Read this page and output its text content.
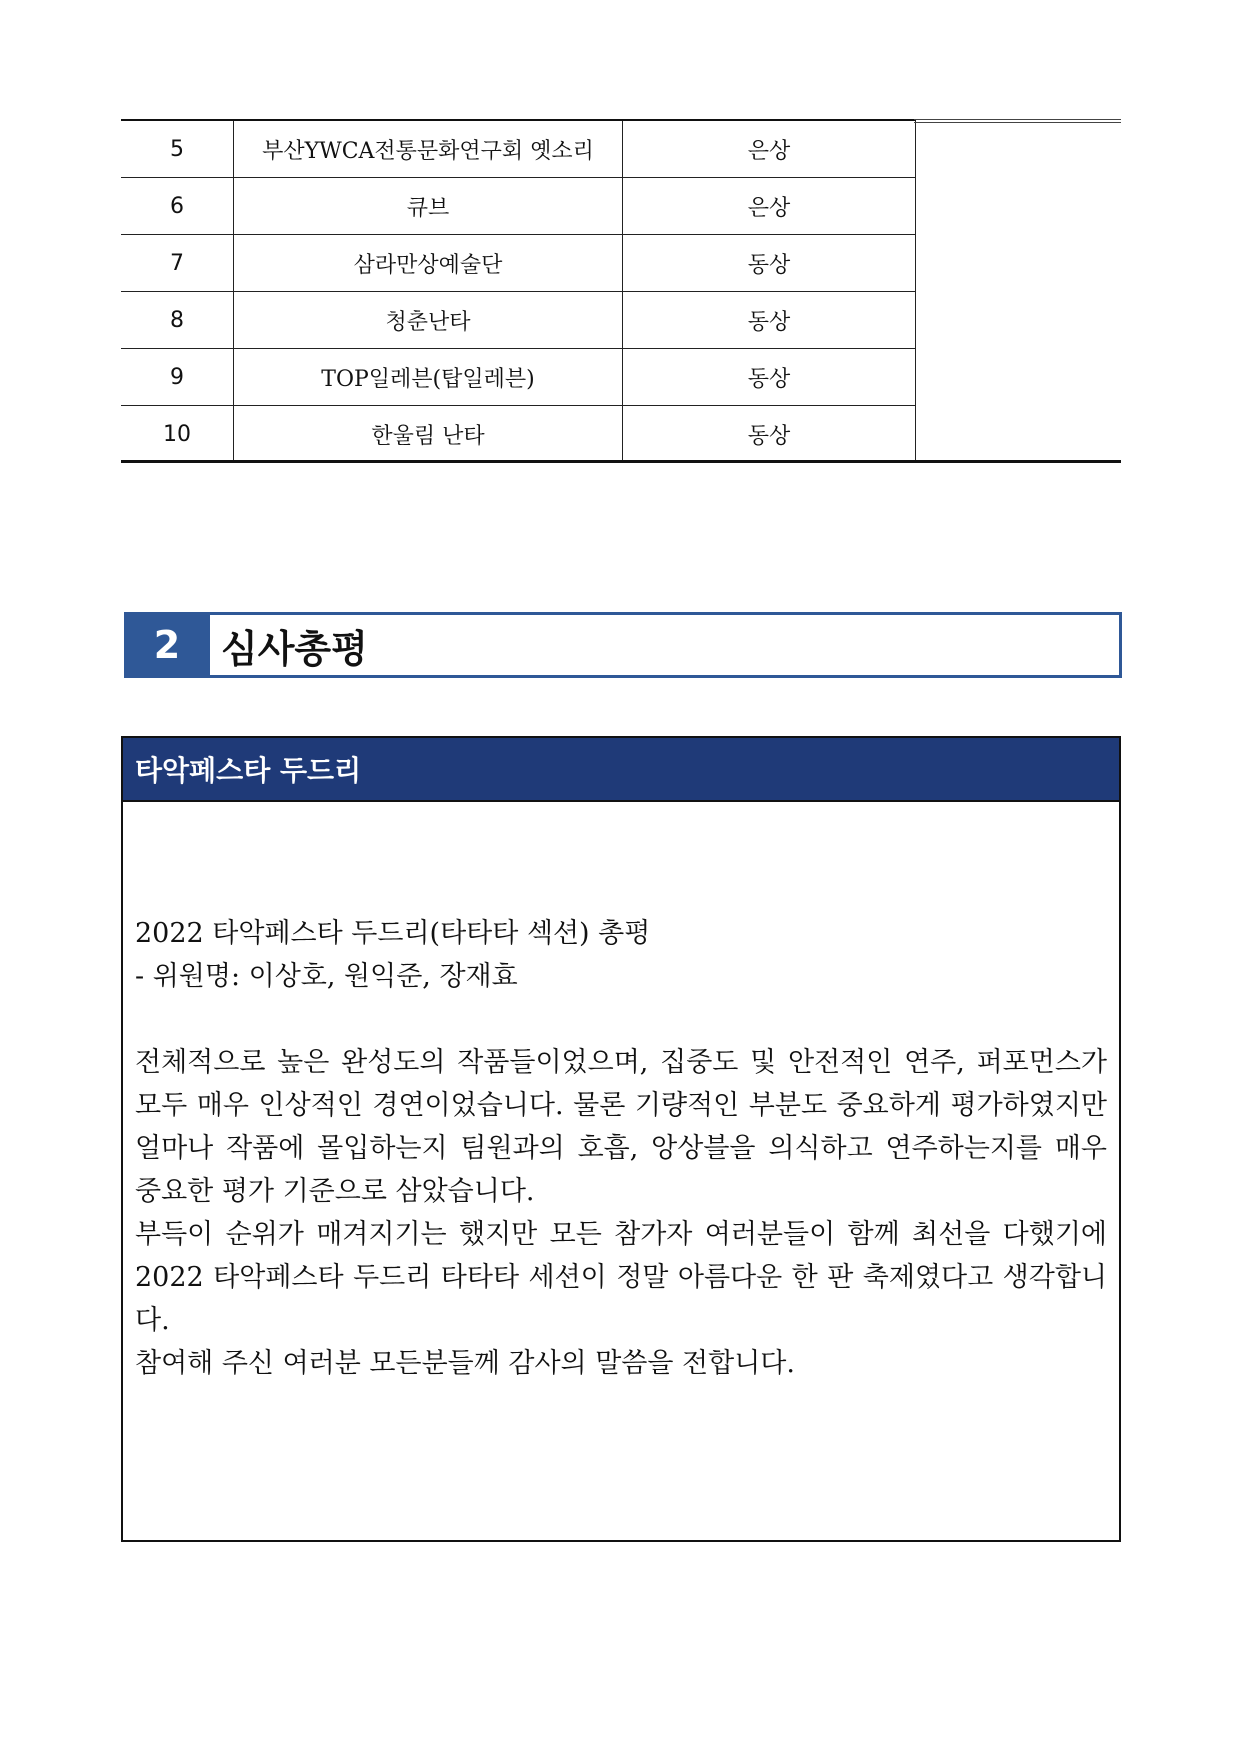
5	부산YWCA전통문화연구회 옛소리	은상
6	큐브	은상
7	삼라만상예술단	동상
8	청춘난타	동상
9	TOP일레븐(탑일레븐)	동상
10	한울림 난타	동상
2	심사총평
타악페스타 두드리

2022 타악페스타 두드리(타타타 섹션) 총평

- 위원명: 이상호, 원익준, 장재효

전체적으로 높은 완성도의 작품들이었으며, 집중도 및 안전적인 연주, 퍼포먼스가 모두 매우 인상적인 경연이었습니다. 물론 기량적인 부분도 중요하게 평가하였지만 얼마나 작품에 몰입하는지 팀원과의 호흡, 앙상블을 의식하고 연주하는지를 매우 중요한 평가 기준으로 삼았습니다.

부득이 순위가 매겨지기는 했지만 모든 참가자 여러분들이 함께 최선을 다했기에 2022 타악페스타 두드리 타타타 세션이 정말 아름다운 한 판 축제였다고 생각합니다.

참여해 주신 여러분 모든분들께 감사의 말씀을 전합니다.
